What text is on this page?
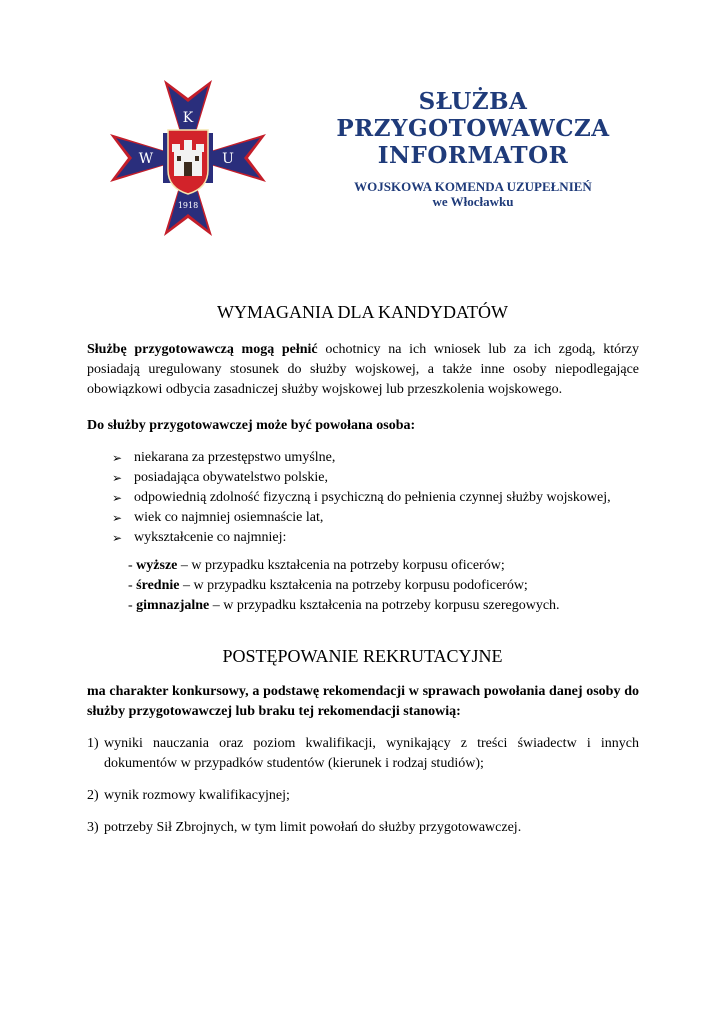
K
W	U
1918
SŁUŻBA
PRZYGOTOWAWCZA
INFORMATOR
WOJSKOWA KOMENDA UZUPEŁNIEŃ
we Włocławku
WYMAGANIA DLA KANDYDATÓW
Służbę przygotowawczą mogą pełnić ochotnicy na ich wniosek lub za ich zgodą, którzy posiadają uregulowany stosunek do służby wojskowej, a także inne osoby niepodlegające obowiązkowi odbycia zasadniczej służby wojskowej lub przeszkolenia wojskowego.
Do służby przygotowawczej może być powołana osoba:
➢ niekarana za przestępstwo umyślne,
➢ posiadająca obywatelstwo polskie,
➢ odpowiednią zdolność fizyczną i psychiczną do pełnienia czynnej służby wojskowej,
➢ wiek co najmniej osiemnaście lat,
➢ wykształcenie co najmniej:
- wyższe – w przypadku kształcenia na potrzeby korpusu oficerów;
- średnie – w przypadku kształcenia na potrzeby korpusu podoficerów;
- gimnazjalne – w przypadku kształcenia na potrzeby korpusu szeregowych.
POSTĘPOWANIE REKRUTACYJNE
ma charakter konkursowy, a podstawę rekomendacji w sprawach powołania danej osoby do służby przygotowawczej lub braku tej rekomendacji stanowią:
1) wyniki nauczania oraz poziom kwalifikacji, wynikający z treści świadectw i innych dokumentów w przypadków studentów (kierunek i rodzaj studiów);
2) wynik rozmowy kwalifikacyjnej;
3) potrzeby Sił Zbrojnych, w tym limit powołań do służby przygotowawczej.
